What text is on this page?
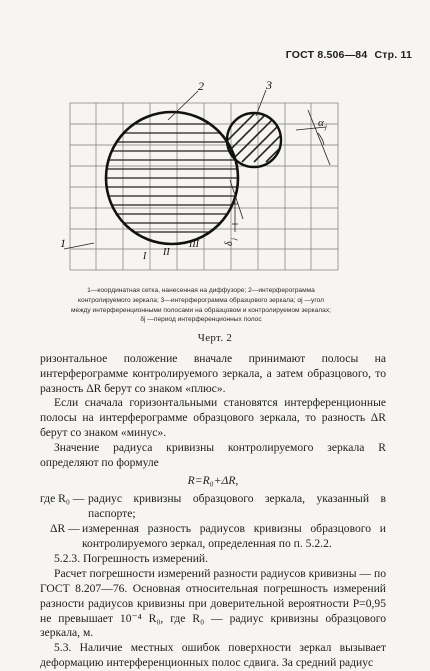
ГОСТ 8.506—84 Стр. 11
2	3
1
I II
III
α j
δ
j
1—координатная сетка, нанесенная на диффузоре; 2—интерферограмма контролируемого зеркала; 3—интерферограмма образцового зеркала; αj —угол между интерференционными полосами на образцовом и контролируемом зеркалах; δj —период интерференционных полос
Черт. 2

ризонтальное положение вначале принимают полосы на интерферограмме контролируемого зеркала, а затем образцового, то разность ΔR берут со знаком «плюс».

Если сначала горизонтальными становятся интерференционные полосы на интерферограмме образцового зеркала, то разность ΔR берут со знаком «минус».

Значение радиуса кривизны контролируемого зеркала R определяют по формуле

R=R₀+ΔR,

где R₀ — радиус кривизны образцового зеркала, указанный в паспорте;
ΔR — измеренная разность радиусов кривизны образцового и контролируемого зеркал, определенная по п. 5.2.2.

5.2.3. Погрешность измерений.

Расчет погрешности измерений разности радиусов кривизны — по ГОСТ 8.207—76. Основная относительная погрешность измерений разности радиусов кривизны при доверительной вероятности P=0,95 не превышает 10⁻⁴ R₀, где R₀ — радиус кривизны образцового зеркала, м.

5.3. Наличие местных ошибок поверхности зеркал вызывает деформацию интерференционных полос сдвига. За средний радиус
